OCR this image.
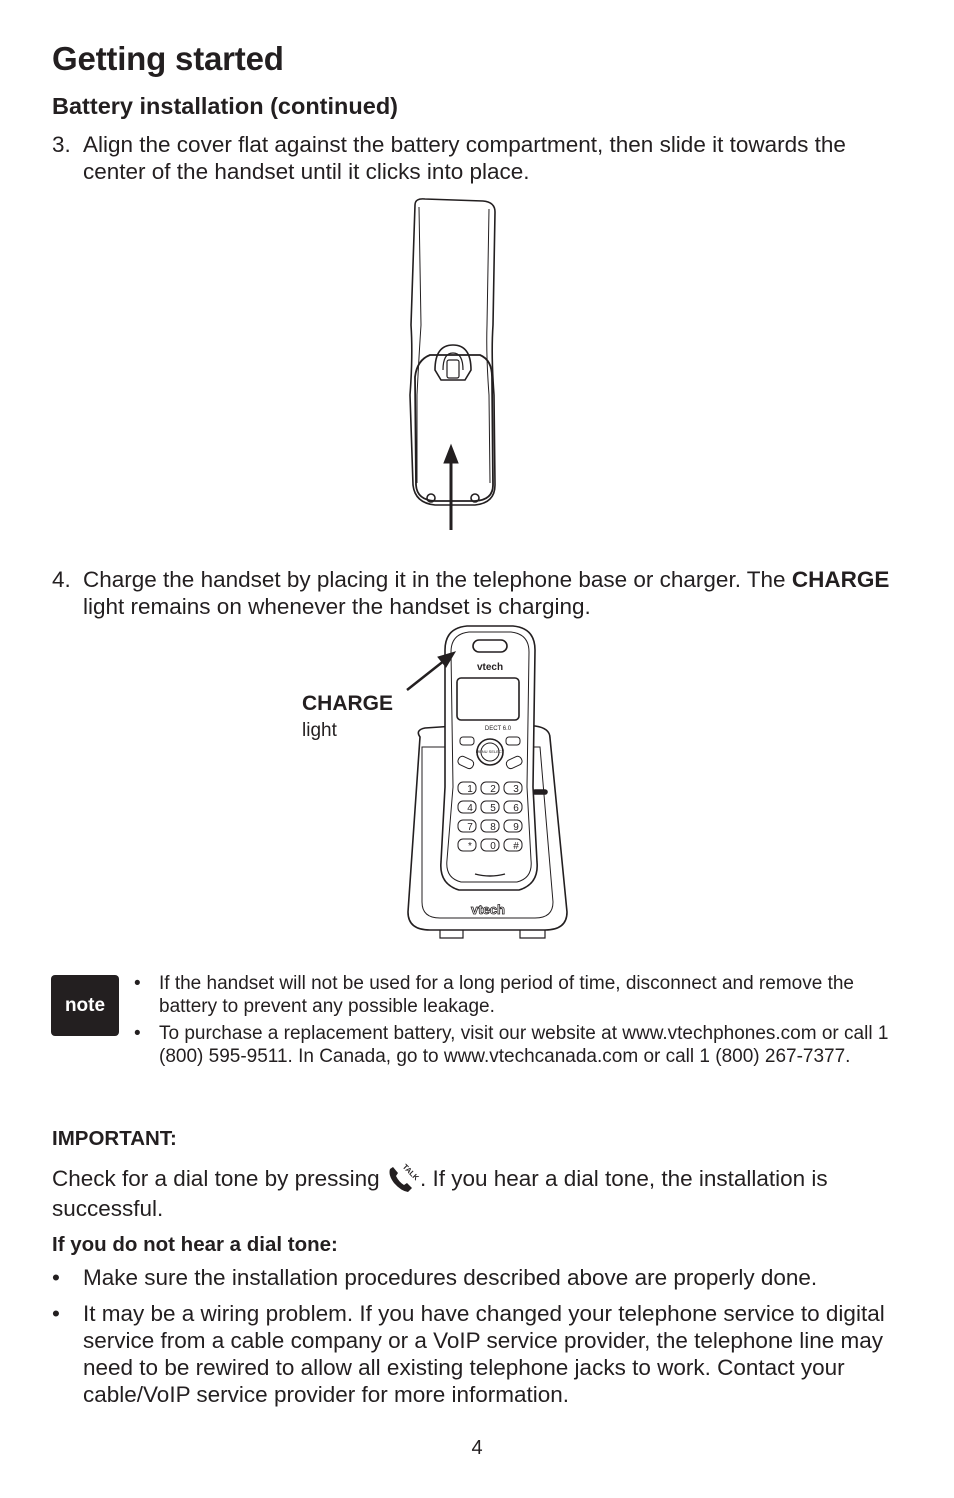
Getting started
Battery installation (continued)
3. Align the cover flat against the battery compartment, then slide it towards the center of the handset until it clicks into place.
4. Charge the handset by placing it in the telephone base or charger. The CHARGE light remains on whenever the handset is charging.
CHARGE
light
vtech
vtech
DECT 6.0
MENU SELECT
1 2 3
4 5 6
7 8 9
* 0 #
note
• If the handset will not be used for a long period of time, disconnect and remove the battery to prevent any possible leakage.
• To purchase a replacement battery, visit our website at www.vtechphones.com or call 1 (800) 595-9511. In Canada, go to www.vtechcanada.com or call 1 (800) 267-7377.
IMPORTANT:
Check for a dial tone by pressing TALK . If you hear a dial tone, the installation is successful.
If you do not hear a dial tone:
• Make sure the installation procedures described above are properly done.
• It may be a wiring problem. If you have changed your telephone service to digital service from a cable company or a VoIP service provider, the telephone line may need to be rewired to allow all existing telephone jacks to work. Contact your cable/VoIP service provider for more information.
4
